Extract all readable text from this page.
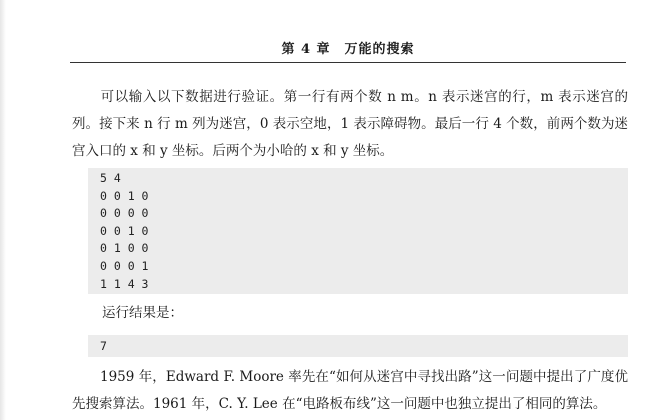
第 4 章　万能的搜索
可以输入以下数据进行验证。第一行有两个数 n m。n 表示迷宫的行，m 表示迷宫的列。接下来 n 行 m 列为迷宫，0 表示空地，1 表示障碍物。最后一行 4 个数，前两个数为迷宫入口的 x 和 y 坐标。后两个为小哈的 x 和 y 坐标。
5 4
0 0 1 0
0 0 0 0
0 0 1 0
0 1 0 0
0 0 0 1
1 1 4 3
运行结果是：
7
1959 年，Edward F. Moore 率先在“如何从迷宫中寻找出路”这一问题中提出了广度优先搜索算法。1961 年，C. Y. Lee 在“电路板布线”这一问题中也独立提出了相同的算法。
